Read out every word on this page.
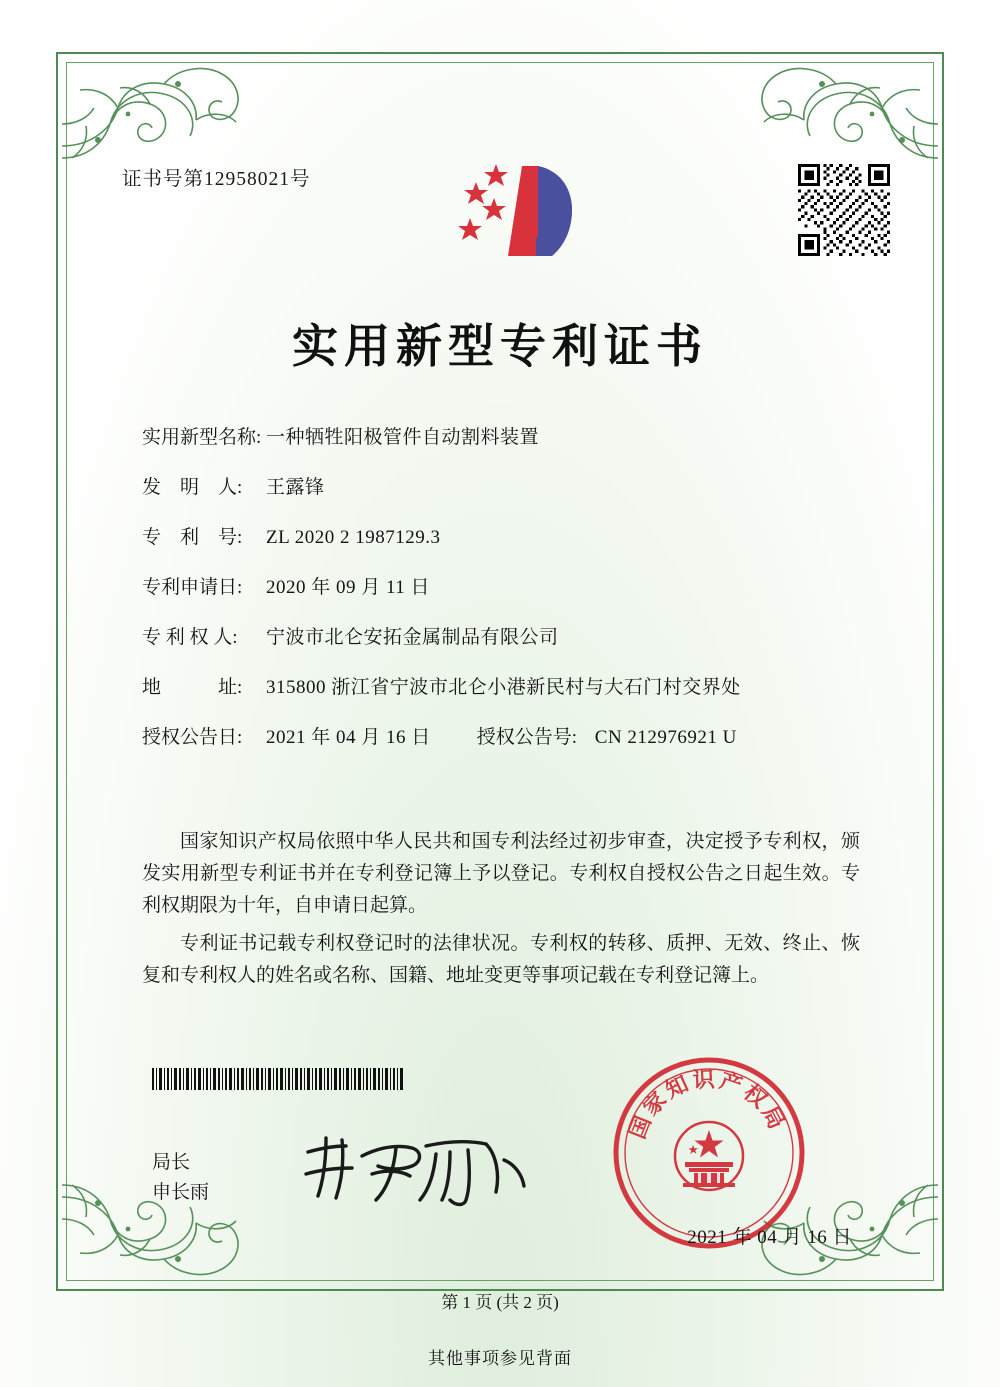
证书号第12958021号
实用新型专利证书
实用新型名称: 一种牺牲阳极管件自动割料装置
发　明　人:	王露锋
专　利　号:	ZL 2020 2 1987129.3
专利申请日:	2020 年 09 月 11 日
专 利 权 人:	宁波市北仑安拓金属制品有限公司
地　　　址:	315800 浙江省宁波市北仑小港新民村与大石门村交界处
授权公告日:	2021 年 04 月 16 日 授权公告号: CN 212976921 U

国家知识产权局依照中华人民共和国专利法经过初步审查，决定授予专利权，颁发实用新型专利证书并在专利登记簿上予以登记。专利权自授权公告之日起生效。专利权期限为十年，自申请日起算。

专利证书记载专利权登记时的法律状况。专利权的转移、质押、无效、终止、恢复和专利权人的姓名或名称、国籍、地址变更等事项记载在专利登记簿上。

国家知识产权局
2021 年 04 月 16 日
局长
申长雨
第 1 页 (共 2 页)
其他事项参见背面
